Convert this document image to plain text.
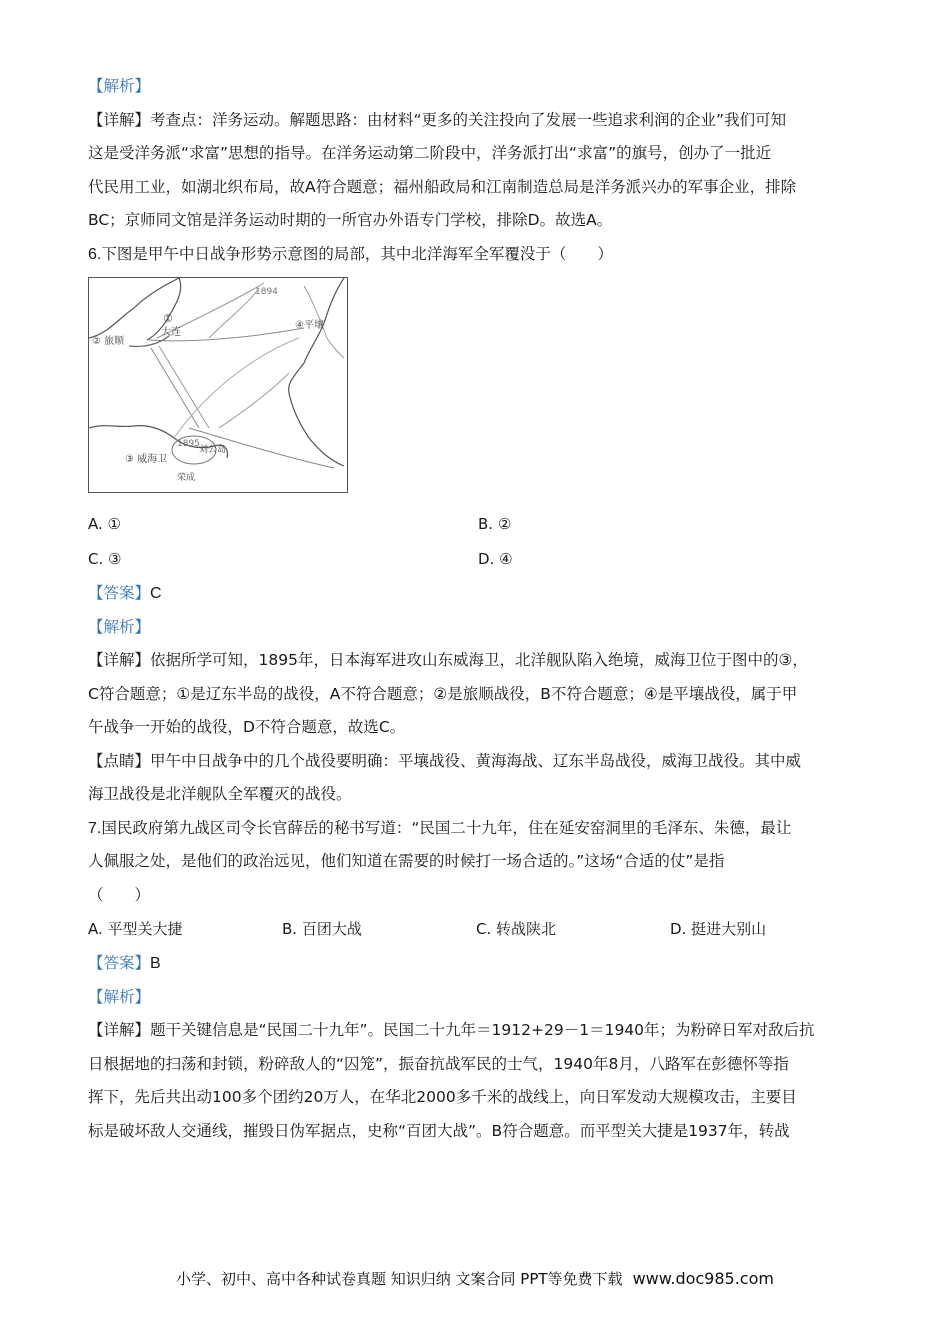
【解析】
【详解】考查点：洋务运动。解题思路：由材料“更多的关注投向了发展一些追求利润的企业”我们可知
这是受洋务派“求富”思想的指导。在洋务运动第二阶段中，洋务派打出“求富”的旗号，创办了一批近
代民用工业，如湖北织布局，故A符合题意；福州船政局和江南制造总局是洋务派兴办的军事企业，排除
BC；京师同文馆是洋务运动时期的一所官办外语专门学校，排除D。故选A。
6.下图是甲午中日战争形势示意图的局部，其中北洋海军全军覆没于（　　）
①
大连
② 旅顺
④平壤
1894
1895
③ 威海卫
刘公岛
荣成
A. ①	B. ②
C. ③	D. ④
【答案】C
【解析】
【详解】依据所学可知，1895年，日本海军进攻山东威海卫，北洋舰队陷入绝境，威海卫位于图中的③，
C符合题意；①是辽东半岛的战役，A不符合题意；②是旅顺战役，B不符合题意；④是平壤战役，属于甲
午战争一开始的战役，D不符合题意，故选C。
【点睛】甲午中日战争中的几个战役要明确：平壤战役、黄海海战、辽东半岛战役，威海卫战役。其中威
海卫战役是北洋舰队全军覆灭的战役。
7.国民政府第九战区司令长官薛岳的秘书写道：“民国二十九年，住在延安窑洞里的毛泽东、朱德，最让
人佩服之处，是他们的政治远见，他们知道在需要的时候打一场合适的。”这场“合适的仗”是指
（　　）
A. 平型关大捷	B. 百团大战	C. 转战陕北	D. 挺进大别山
【答案】B
【解析】
【详解】题干关键信息是“民国二十九年”。民国二十九年＝1912+29－1＝1940年；为粉碎日军对敌后抗
日根据地的扫荡和封锁，粉碎敌人的“囚笼”，振奋抗战军民的士气，1940年8月，八路军在彭德怀等指
挥下，先后共出动100多个团约20万人，在华北2000多千米的战线上，向日军发动大规模攻击，主要目
标是破坏敌人交通线，摧毁日伪军据点，史称“百团大战”。B符合题意。而平型关大捷是1937年，转战
小学、初中、高中各种试卷真题 知识归纳 文案合同 PPT等免费下载 www.doc985.com
